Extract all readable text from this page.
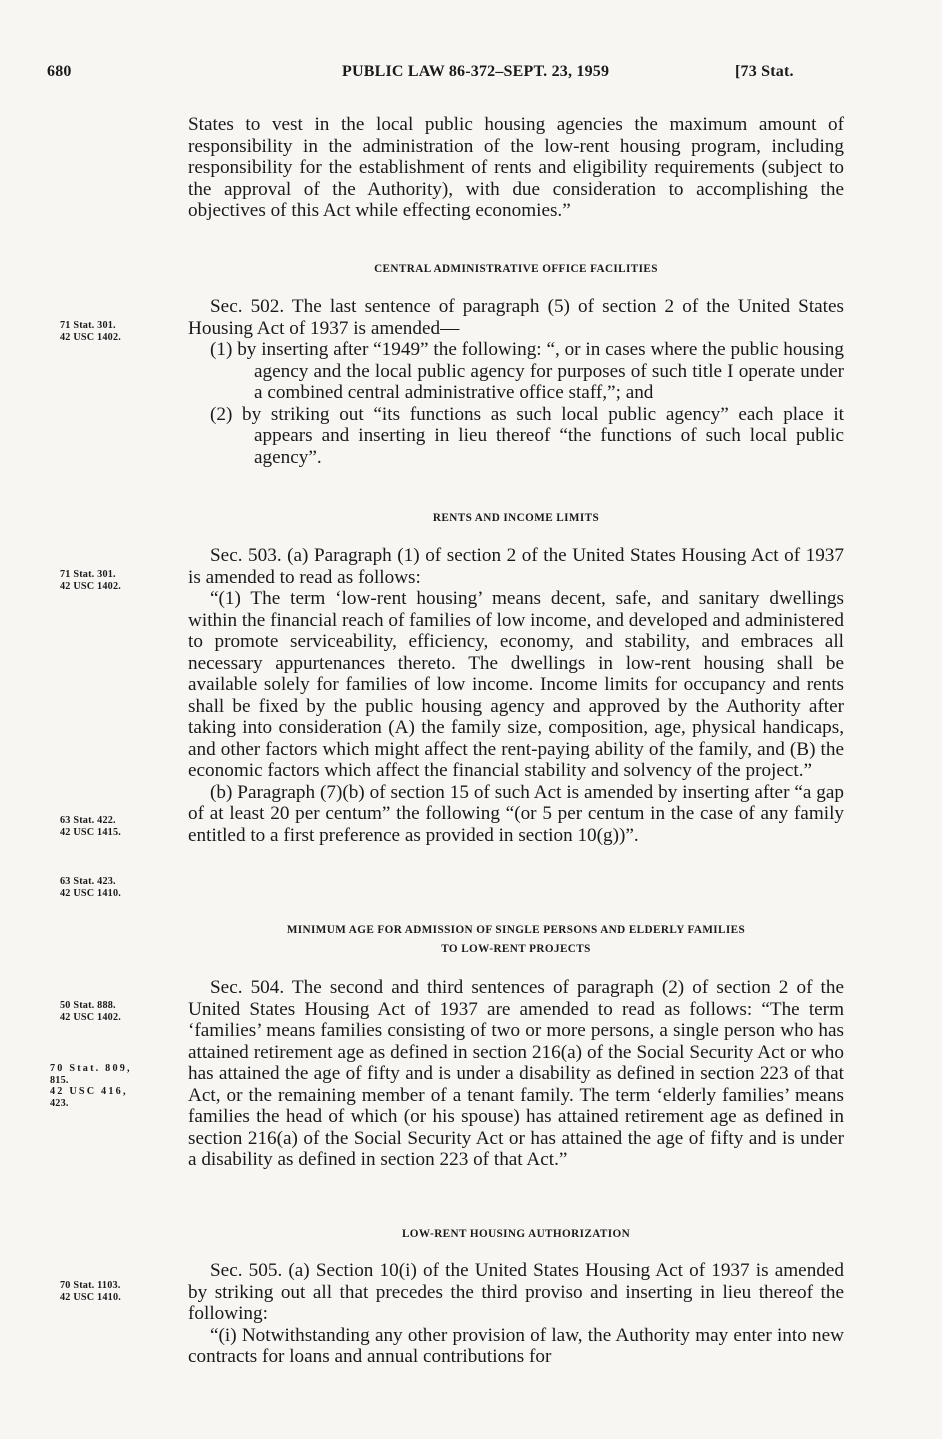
680	PUBLIC LAW 86-372–SEPT. 23, 1959	[73 Stat.

States to vest in the local public housing agencies the maximum amount of responsibility in the administration of the low-rent housing program, including responsibility for the establishment of rents and eligibility requirements (subject to the approval of the Authority), with due consideration to accomplishing the objectives of this Act while effecting economies.”

CENTRAL ADMINISTRATIVE OFFICE FACILITIES

Sec. 502. The last sentence of paragraph (5) of section 2 of the United States Housing Act of 1937 is amended—

(1) by inserting after “1949” the following: “, or in cases where the public housing agency and the local public agency for purposes of such title I operate under a combined central administrative office staff,”; and

(2) by striking out “its functions as such local public agency” each place it appears and inserting in lieu thereof “the functions of such local public agency”.

71 Stat. 301.
42 USC 1402.
RENTS AND INCOME LIMITS

Sec. 503. (a) Paragraph (1) of section 2 of the United States Housing Act of 1937 is amended to read as follows:

“(1) The term ‘low-rent housing’ means decent, safe, and sanitary dwellings within the financial reach of families of low income, and developed and administered to promote serviceability, efficiency, economy, and stability, and embraces all necessary appurtenances thereto. The dwellings in low-rent housing shall be available solely for families of low income. Income limits for occupancy and rents shall be fixed by the public housing agency and approved by the Authority after taking into consideration (A) the family size, composition, age, physical handicaps, and other factors which might affect the rent-paying ability of the family, and (B) the economic factors which affect the financial stability and solvency of the project.”

(b) Paragraph (7)(b) of section 15 of such Act is amended by inserting after “a gap of at least 20 per centum” the following “(or 5 per centum in the case of any family entitled to a first preference as provided in section 10(g))”.

71 Stat. 301.
42 USC 1402.
63 Stat. 422.
42 USC 1415.
63 Stat. 423.
42 USC 1410.
MINIMUM AGE FOR ADMISSION OF SINGLE PERSONS AND ELDERLY FAMILIES
TO LOW-RENT PROJECTS

Sec. 504. The second and third sentences of paragraph (2) of section 2 of the United States Housing Act of 1937 are amended to read as follows: “The term ‘families’ means families consisting of two or more persons, a single person who has attained retirement age as defined in section 216(a) of the Social Security Act or who has attained the age of fifty and is under a disability as defined in section 223 of that Act, or the remaining member of a tenant family. The term ‘elderly families’ means families the head of which (or his spouse) has attained retirement age as defined in section 216(a) of the Social Security Act or has attained the age of fifty and is under a disability as defined in section 223 of that Act.”

50 Stat. 888.
42 USC 1402.
70 Stat. 809,
815.
42 USC 416,
423.
LOW-RENT HOUSING AUTHORIZATION

Sec. 505. (a) Section 10(i) of the United States Housing Act of 1937 is amended by striking out all that precedes the third proviso and inserting in lieu thereof the following:

“(i) Notwithstanding any other provision of law, the Authority may enter into new contracts for loans and annual contributions for

70 Stat. 1103.
42 USC 1410.
